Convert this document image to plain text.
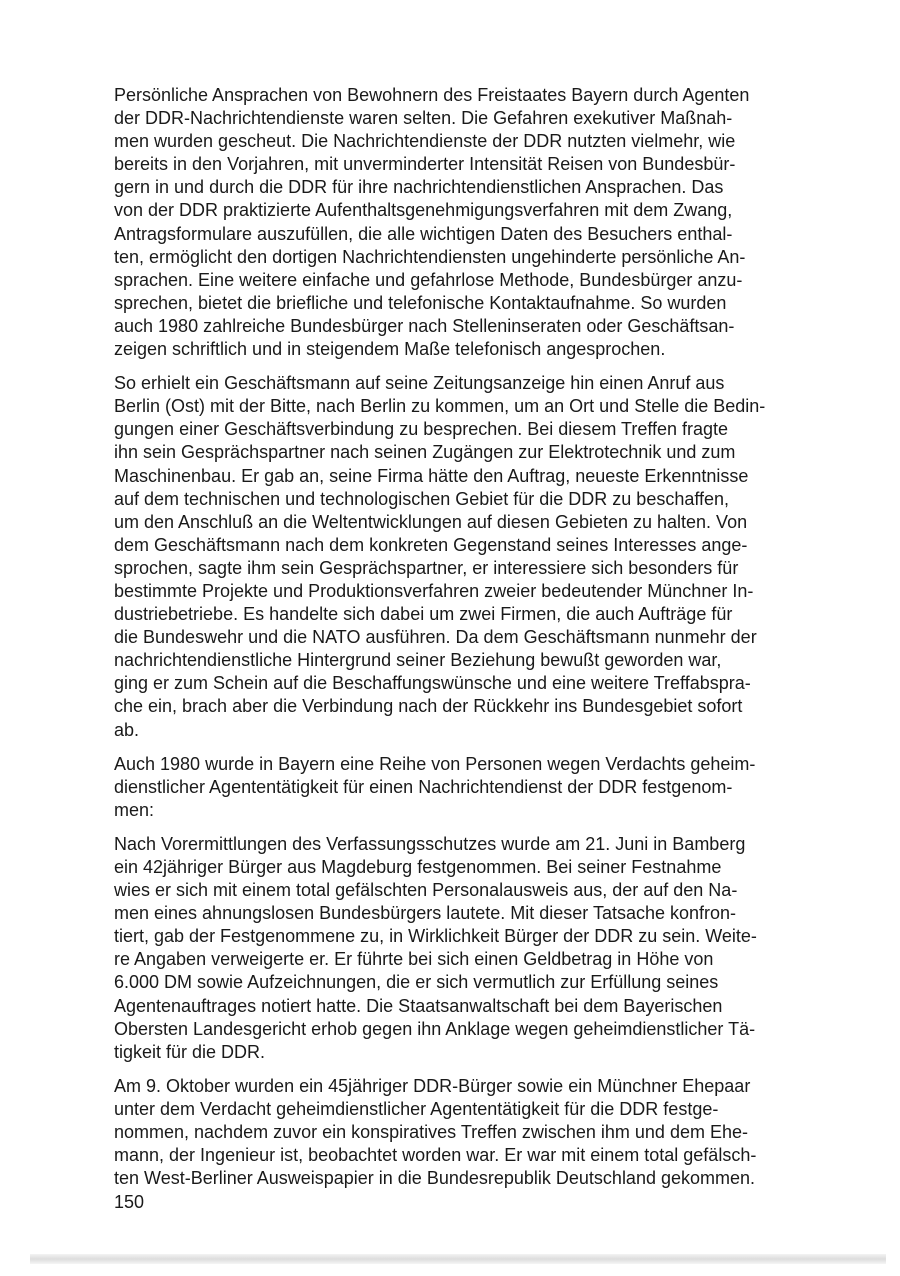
Persönliche Ansprachen von Bewohnern des Freistaates Bayern durch Agenten
der DDR-Nachrichtendienste waren selten. Die Gefahren exekutiver Maßnah-
men wurden gescheut. Die Nachrichtendienste der DDR nutzten vielmehr, wie
bereits in den Vorjahren, mit unverminderter Intensität Reisen von Bundesbür-
gern in und durch die DDR für ihre nachrichtendienstlichen Ansprachen. Das
von der DDR praktizierte Aufenthaltsgenehmigungsverfahren mit dem Zwang,
Antragsformulare auszufüllen, die alle wichtigen Daten des Besuchers enthal-
ten, ermöglicht den dortigen Nachrichtendiensten ungehinderte persönliche An-
sprachen. Eine weitere einfache und gefahrlose Methode, Bundesbürger anzu-
sprechen, bietet die briefliche und telefonische Kontaktaufnahme. So wurden
auch 1980 zahlreiche Bundesbürger nach Stelleninseraten oder Geschäftsan-
zeigen schriftlich und in steigendem Maße telefonisch angesprochen.

So erhielt ein Geschäftsmann auf seine Zeitungsanzeige hin einen Anruf aus
Berlin (Ost) mit der Bitte, nach Berlin zu kommen, um an Ort und Stelle die Bedin-
gungen einer Geschäftsverbindung zu besprechen. Bei diesem Treffen fragte
ihn sein Gesprächspartner nach seinen Zugängen zur Elektrotechnik und zum
Maschinenbau. Er gab an, seine Firma hätte den Auftrag, neueste Erkenntnisse
auf dem technischen und technologischen Gebiet für die DDR zu beschaffen,
um den Anschluß an die Weltentwicklungen auf diesen Gebieten zu halten. Von
dem Geschäftsmann nach dem konkreten Gegenstand seines Interesses ange-
sprochen, sagte ihm sein Gesprächspartner, er interessiere sich besonders für
bestimmte Projekte und Produktionsverfahren zweier bedeutender Münchner In-
dustriebetriebe. Es handelte sich dabei um zwei Firmen, die auch Aufträge für
die Bundeswehr und die NATO ausführen. Da dem Geschäftsmann nunmehr der
nachrichtendienstliche Hintergrund seiner Beziehung bewußt geworden war,
ging er zum Schein auf die Beschaffungswünsche und eine weitere Treffabspra-
che ein, brach aber die Verbindung nach der Rückkehr ins Bundesgebiet sofort
ab.

Auch 1980 wurde in Bayern eine Reihe von Personen wegen Verdachts geheim-
dienstlicher Agententätigkeit für einen Nachrichtendienst der DDR festgenom-
men:

Nach Vorermittlungen des Verfassungsschutzes wurde am 21. Juni in Bamberg
ein 42jähriger Bürger aus Magdeburg festgenommen. Bei seiner Festnahme
wies er sich mit einem total gefälschten Personalausweis aus, der auf den Na-
men eines ahnungslosen Bundesbürgers lautete. Mit dieser Tatsache konfron-
tiert, gab der Festgenommene zu, in Wirklichkeit Bürger der DDR zu sein. Weite-
re Angaben verweigerte er. Er führte bei sich einen Geldbetrag in Höhe von
6.000 DM sowie Aufzeichnungen, die er sich vermutlich zur Erfüllung seines
Agentenauftrages notiert hatte. Die Staatsanwaltschaft bei dem Bayerischen
Obersten Landesgericht erhob gegen ihn Anklage wegen geheimdienstlicher Tä-
tigkeit für die DDR.

Am 9. Oktober wurden ein 45jähriger DDR-Bürger sowie ein Münchner Ehepaar
unter dem Verdacht geheimdienstlicher Agententätigkeit für die DDR festge-
nommen, nachdem zuvor ein konspiratives Treffen zwischen ihm und dem Ehe-
mann, der Ingenieur ist, beobachtet worden war. Er war mit einem total gefälsch-
ten West-Berliner Ausweispapier in die Bundesrepublik Deutschland gekommen.

150
